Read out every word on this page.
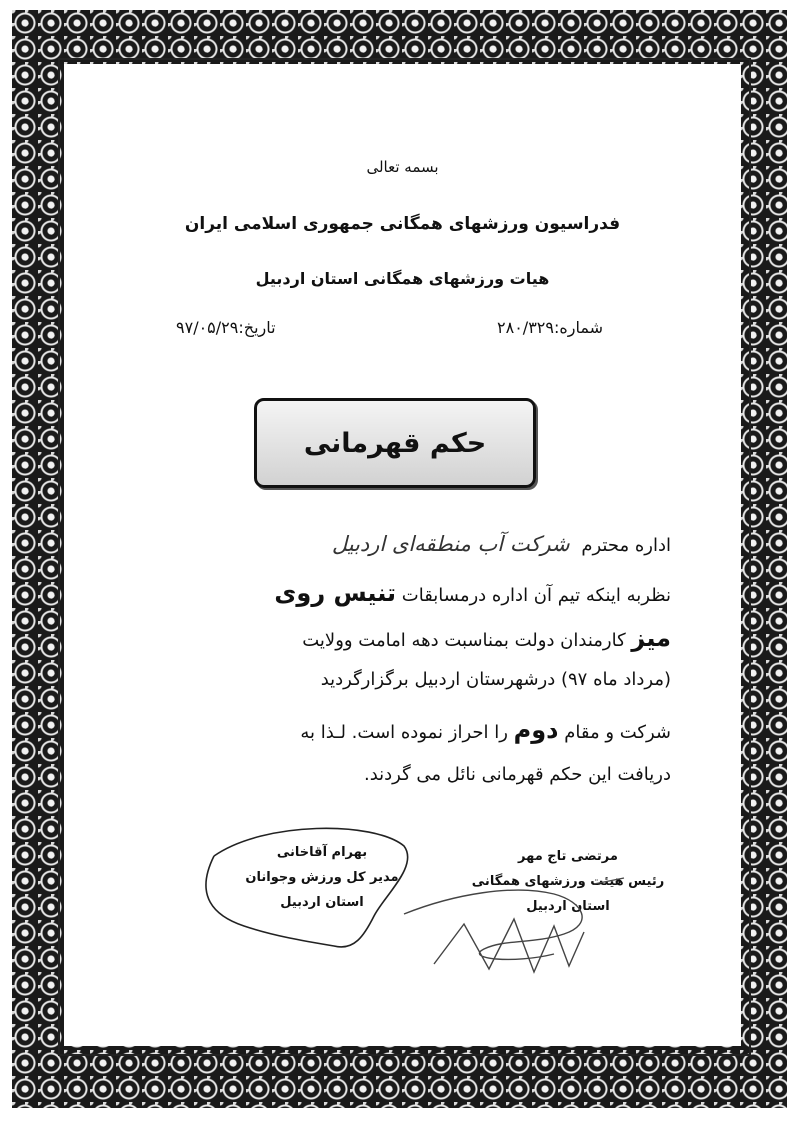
بسمه تعالی
فدراسیون ورزشهای همگانی جمهوری اسلامی ایران
هیات ورزشهای همگانی استان اردبیل
شماره:۲۸۰/۳۲۹
تاریخ:۹۷/۰۵/۲۹
حکم قهرمانی
اداره محترم شرکت آب منطقه‌ای اردبیل
نظربه اینکه تیم آن اداره درمسابقات تنیس روی
میز کارمندان دولت بمناسبت دهه امامت وولایت
(مرداد ماه ۹۷) درشهرستان اردبیل برگزارگردید
شرکت و مقام دوم را احراز نموده است. لـذا به
دریافت این حکم قهرمانی نائل می گردند.
مرتضی تاج مهر
رئیس هیئت ورزشهای همگانی
استان اردبیل
بهرام آقاخانی
مدیر کل ورزش وجوانان
استان اردبیل
